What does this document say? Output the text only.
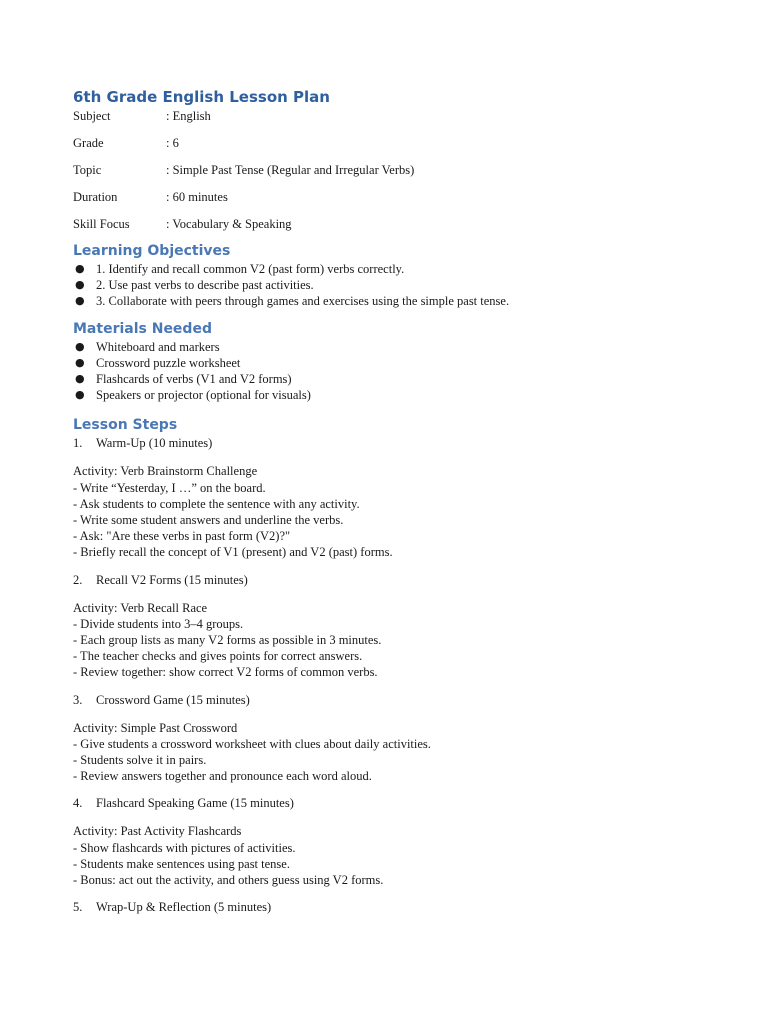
6th Grade English Lesson Plan
Subject	: English
Grade	: 6
Topic	: Simple Past Tense (Regular and Irregular Verbs)
Duration	: 60 minutes
Skill Focus	: Vocabulary & Speaking
Learning Objectives
● 1. Identify and recall common V2 (past form) verbs correctly.
● 2. Use past verbs to describe past activities.
● 3. Collaborate with peers through games and exercises using the simple past tense.
Materials Needed
● Whiteboard and markers
● Crossword puzzle worksheet
● Flashcards of verbs (V1 and V2 forms)
● Speakers or projector (optional for visuals)
Lesson Steps
1.	Warm-Up (10 minutes)
Activity: Verb Brainstorm Challenge
- Write “Yesterday, I …” on the board.
- Ask students to complete the sentence with any activity.
- Write some student answers and underline the verbs.
- Ask: "Are these verbs in past form (V2)?"
- Briefly recall the concept of V1 (present) and V2 (past) forms.
2.	Recall V2 Forms (15 minutes)
Activity: Verb Recall Race
- Divide students into 3–4 groups.
- Each group lists as many V2 forms as possible in 3 minutes.
- The teacher checks and gives points for correct answers.
- Review together: show correct V2 forms of common verbs.
3.	Crossword Game (15 minutes)
Activity: Simple Past Crossword
- Give students a crossword worksheet with clues about daily activities.
- Students solve it in pairs.
- Review answers together and pronounce each word aloud.
4.	Flashcard Speaking Game (15 minutes)
Activity: Past Activity Flashcards
- Show flashcards with pictures of activities.
- Students make sentences using past tense.
- Bonus: act out the activity, and others guess using V2 forms.
5.	Wrap-Up & Reflection (5 minutes)
